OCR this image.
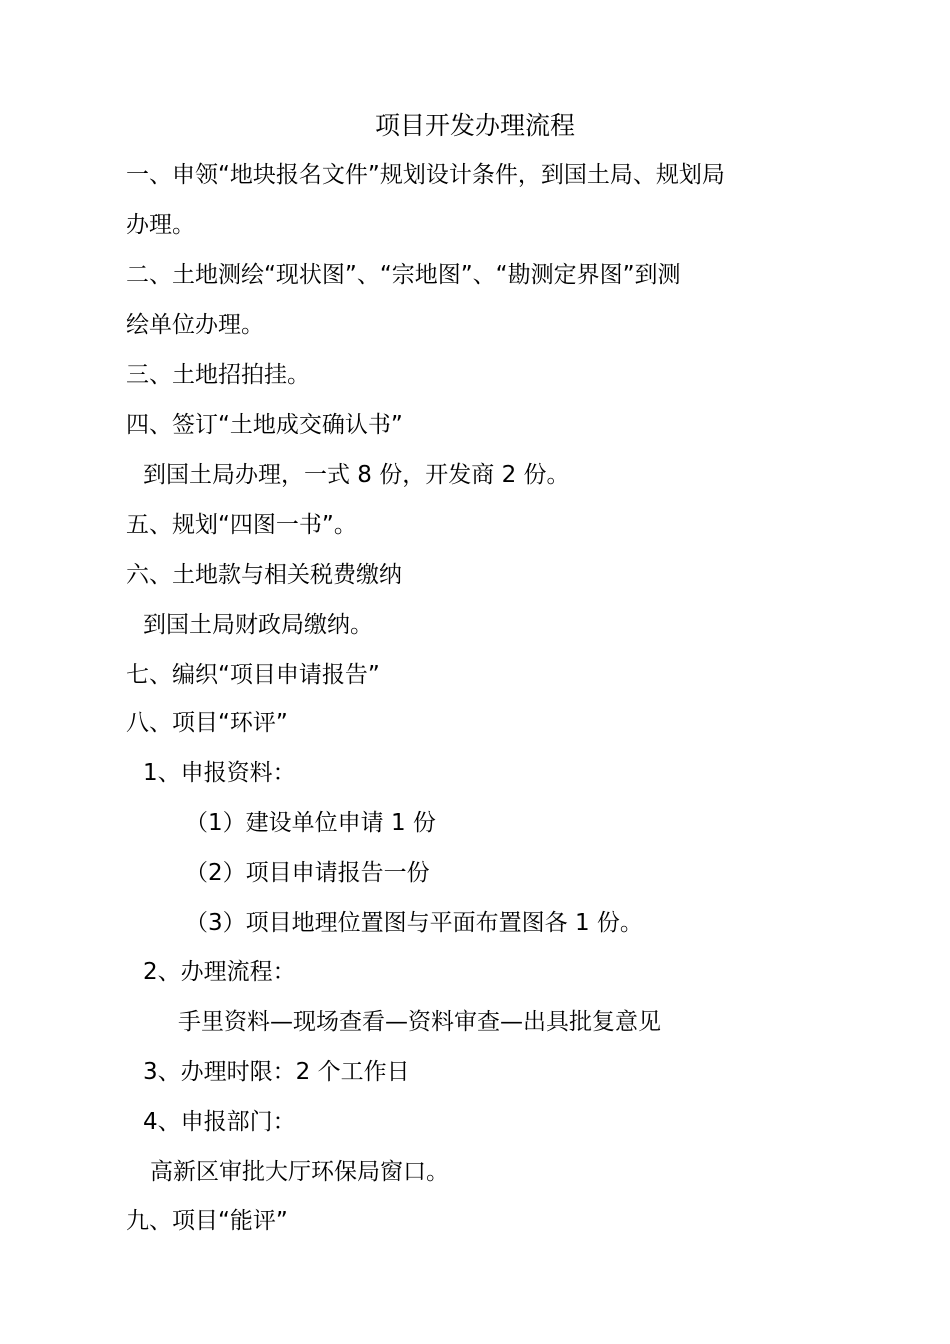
项目开发办理流程
一、申领“地块报名文件”规划设计条件，到国土局、规划局
办理。
二、土地测绘“现状图”、“宗地图”、“勘测定界图”到测
绘单位办理。
三、土地招拍挂。
四、签订“土地成交确认书”
到国土局办理，一式 8 份，开发商 2 份。
五、规划“四图一书”。
六、土地款与相关税费缴纳
到国土局财政局缴纳。
七、编织“项目申请报告”
八、项目“环评”
1、申报资料：
（1）建设单位申请 1 份
（2）项目申请报告一份
（3）项目地理位置图与平面布置图各 1 份。
2、办理流程：
手里资料—现场查看—资料审查—出具批复意见
3、办理时限：2 个工作日
4、申报部门：
高新区审批大厅环保局窗口。
九、项目“能评”
